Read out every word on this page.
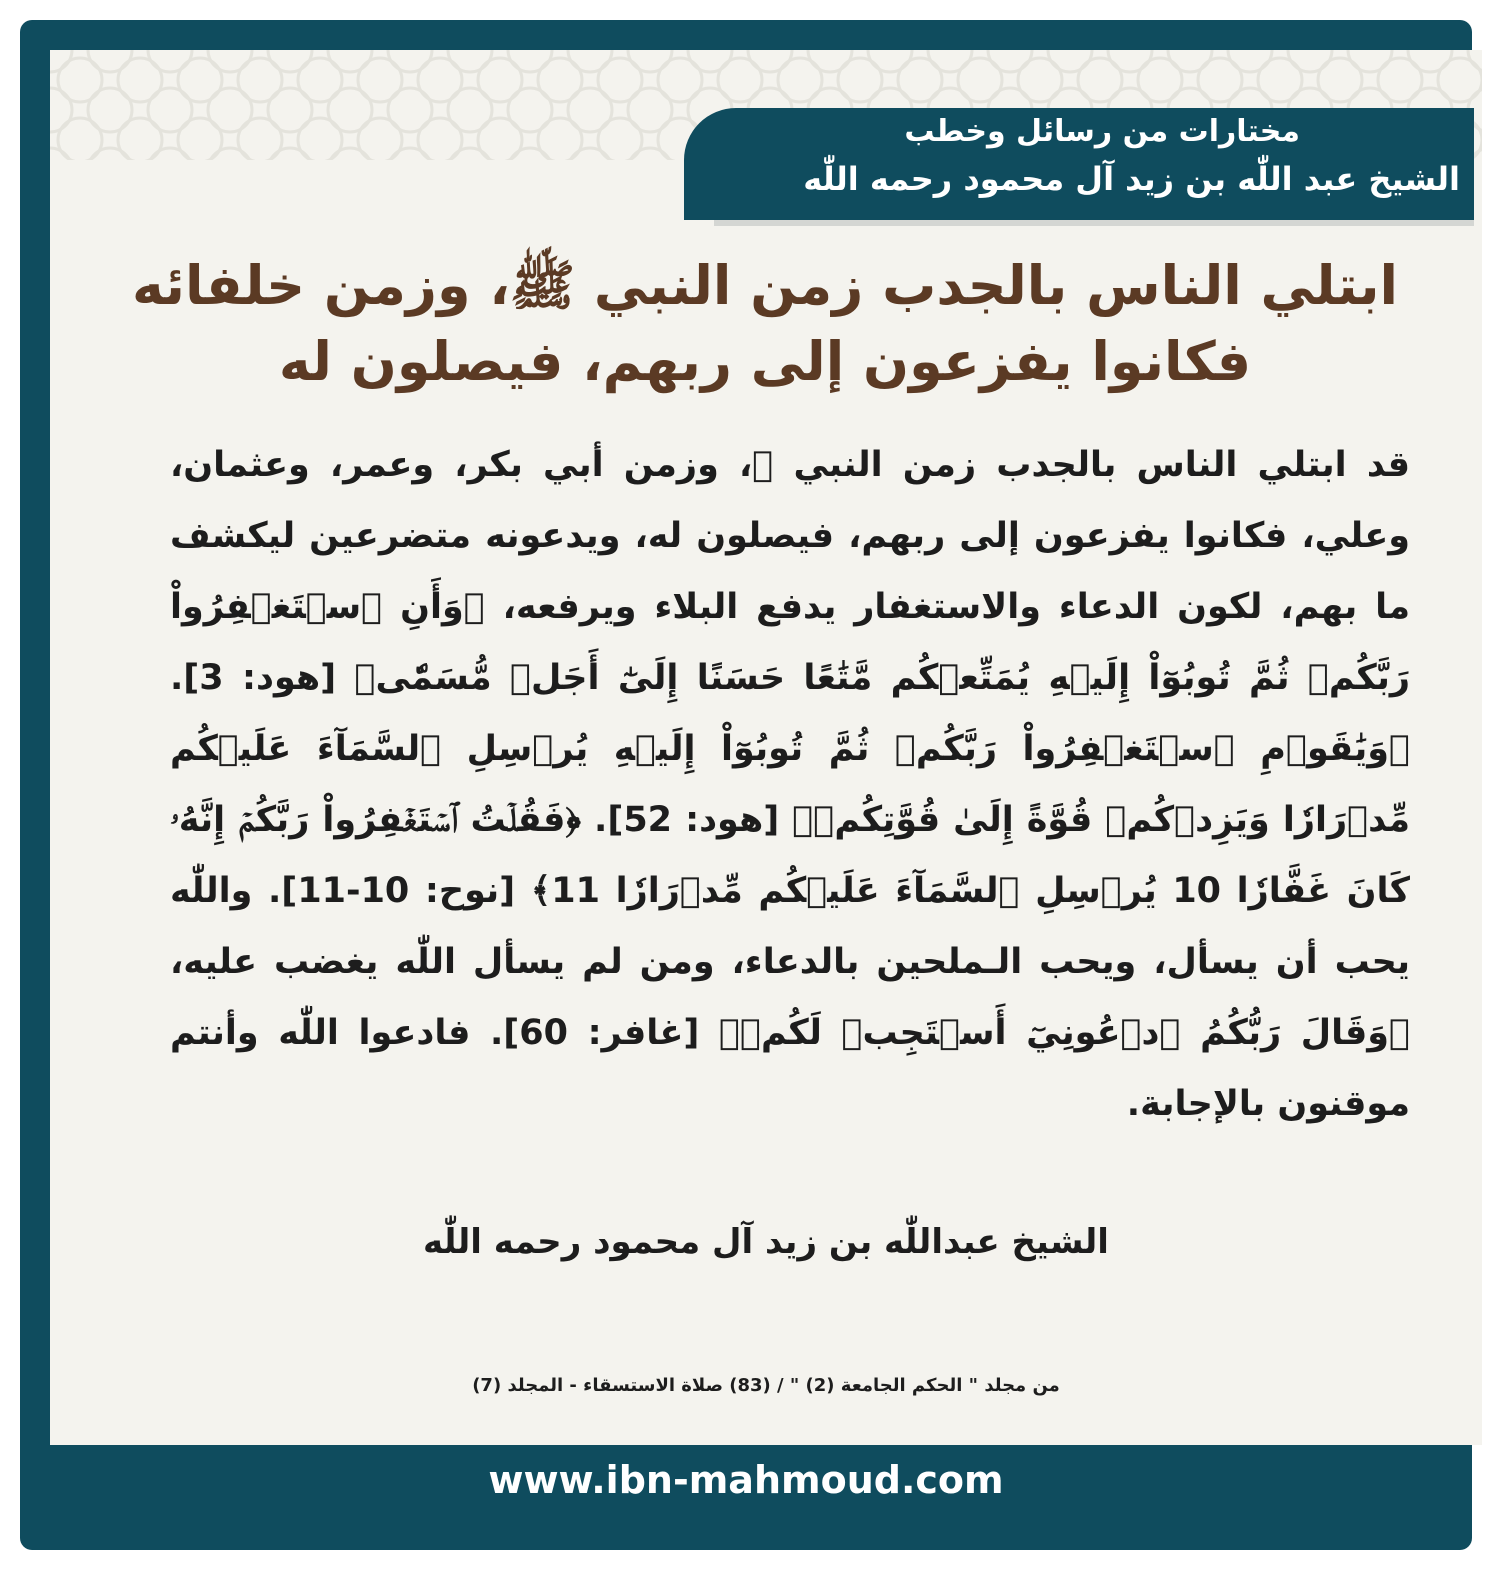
مختارات من رسائل وخطب
الشيخ عبد اللّٰه بن زيد آل محمود رحمه اللّٰه
ابتلي الناس بالجدب زمن النبي ﷺ، وزمن خلفائه فكانوا يفزعون إلى ربهم، فيصلون له
قد ابتلي الناس بالجدب زمن النبي ﷺ، وزمن أبي بكر، وعمر، وعثمان، وعلي، فكانوا يفزعون إلى ربهم، فيصلون له، ويدعونه متضرعين ليكشف ما بهم، لكون الدعاء والاستغفار يدفع البلاء ويرفعه، ﴿وَأَنِ ٱسۡتَغۡفِرُواْ رَبَّكُمۡ ثُمَّ تُوبُوٓاْ إِلَيۡهِ يُمَتِّعۡكُم مَّتَٰعًا حَسَنًا إِلَىٰٓ أَجَلٖ مُّسَمّٗى﴾ [هود: 3]. ﴿وَيَٰقَوۡمِ ٱسۡتَغۡفِرُواْ رَبَّكُمۡ ثُمَّ تُوبُوٓاْ إِلَيۡهِ يُرۡسِلِ ٱلسَّمَآءَ عَلَيۡكُم مِّدۡرَارٗا وَيَزِدۡكُمۡ قُوَّةً إِلَىٰ قُوَّتِكُمۡ﴾ [هود: 52]. ﴿فَقُلۡتُ ٱسۡتَغۡفِرُواْ رَبَّكُمۡ إِنَّهُۥ كَانَ غَفَّارٗا 10 يُرۡسِلِ ٱلسَّمَآءَ عَلَيۡكُم مِّدۡرَارٗا 11﴾ [نوح: 10-11]. واللّٰه يحب أن يسأل، ويحب الـملحين بالدعاء، ومن لم يسأل اللّٰه يغضب عليه، ﴿وَقَالَ رَبُّكُمُ ٱدۡعُونِيٓ أَسۡتَجِبۡ لَكُمۡ﴾ [غافر: 60]. فادعوا اللّٰه وأنتم موقنون بالإجابة.
الشيخ عبداللّٰه بن زيد آل محمود رحمه اللّٰه
من مجلد " الحكم الجامعة (2) " / (83) صلاة الاستسقاء - المجلد (7)
www.ibn-mahmoud.com
